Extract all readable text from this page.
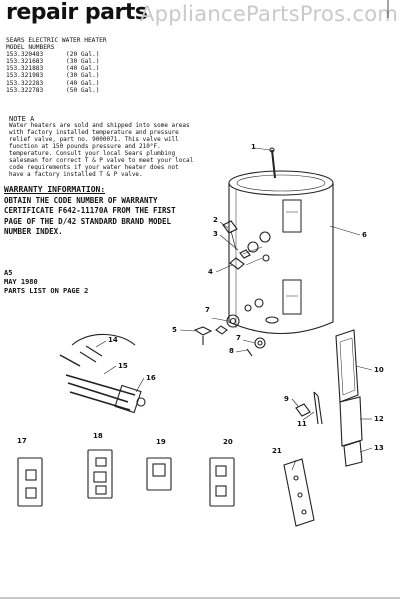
repair parts
AppliancePartsPros.com
SEARS ELECTRIC WATER HEATER
MODEL NUMBERS
153.320483	(20 Gal.)
153.321683	(30 Gal.)
153.321883	(40 Gal.)
153.321983	(30 Gal.)
153.322283	(40 Gal.)
153.322783	(50 Gal.)
NOTE A
Water heaters are sold and shipped into some areas with factory installed temperature and pressure relief valve, part no. 9000071. This valve will function at 150 pounds pressure and 210°F. temperature. Consult your local Sears plumbing salesman for correct T & P valve to meet your local code requirements if your water heater does not have a factory installed T & P valve.
WARRANTY INFORMATION:
OBTAIN THE CODE NUMBER OF WARRANTY CERTIFICATE F642-11170A FROM THE FIRST PAGE OF THE D/42 STANDARD BRAND MODEL NUMBER INDEX.
A5
MAY 1980
PARTS LIST ON PAGE 2
1
2
3
4
5
6
7
7
8
9
10
11
12
13
14
15
16
17
18
19	20
21
